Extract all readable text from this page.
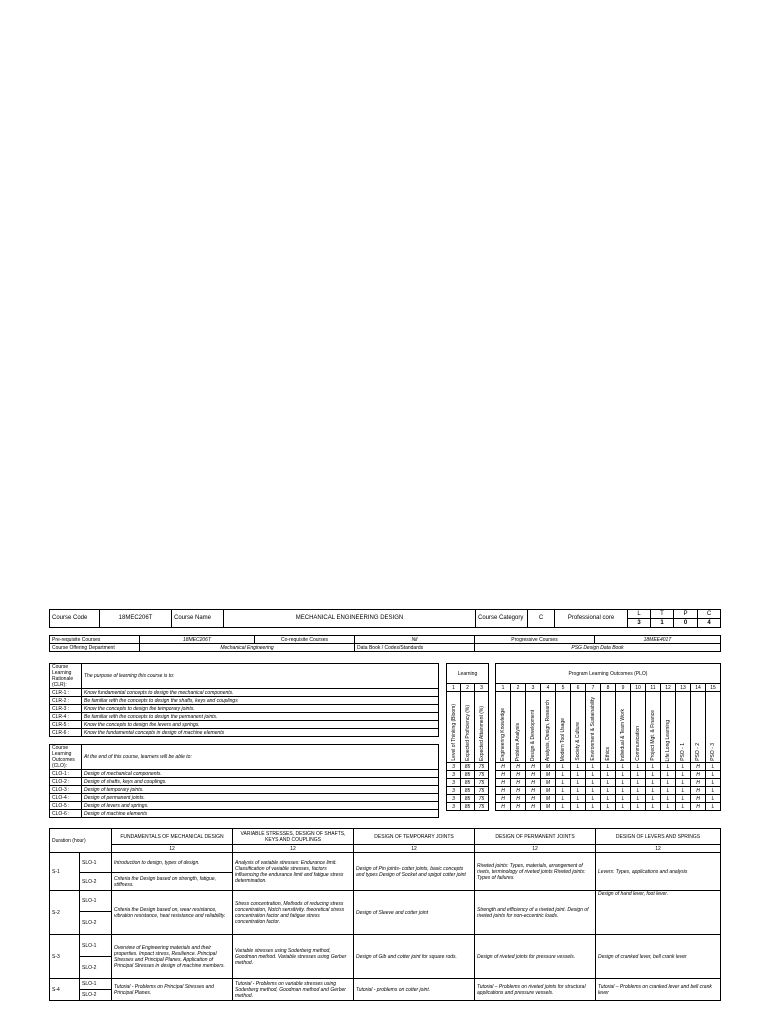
Course Code	18MEC206T	Course Name	MECHANICAL ENGINEERING DESIGN	Course Category	C	Professional core	L	T	P	C
							3	1	0	4
Pre-requisite Courses	18MEC206T	Co-requisite Courses	Nil	Progressive Courses	18MEE401T
Course Offering Department	Mechanical Engineering		Data Book / Codes/Standards	PSG Design Data Book	
Course Learning Rationale (CLR):	The purpose of learning this course is to:
CLR-1 :	Know fundamental concepts to design the mechanical components.
CLR-2 :	Be familiar with the concepts to design the shafts, keys and couplings
CLR-3 :	Know the concepts to design the temporary joints.
CLR-4 :	Be familiar with the concepts to design the permanent joints.
CLR-5 :	Know the concepts to design the levers and springs.
CLR-6 :	Know the fundamental concepts in design of machine elements

Course Learning Outcomes (CLO):	At the end of this course, learners will be able to:
CLO-1 :	Design of mechanical components.
CLO-2 :	Design of shafts, keys and couplings.
CLO-3 :	Design of temporary joints.
CLO-4 :	Design of permanent joints.
CLO-5 :	Design of levers and springs.
CLO-6 :	Design of machine elements
Learning		
1	2	3

Level of Thinking (Bloom)	Expected Proficiency (%)	Expected Attainment (%)

3	85	75
3	85	75
3	85	75
3	85	75
3	85	75
3	85	75
Program Learning Outcomes (PLO)														
1	2	3	4	5	6	7	8	9	10	11	12	13	14	15

Engineering Knowledge	Problem Analysis	Design & Development	Analysis, Design, Research	Modern Tool Usage	Society & Culture	Environment & Sustainability	Ethics	Individual & Team Work	Communication	Project Mgt. & Finance	Life Long Learning	PSO - 1	PSO - 2	PSO - 3

H	H	H	M	L	L	L	L	L	L	L	L	L	H	L
H	H	H	M	L	L	L	L	L	L	L	L	L	H	L
H	H	H	M	L	L	L	L	L	L	L	L	L	H	L
H	H	H	M	L	L	L	L	L	L	L	L	L	H	L
H	H	H	M	L	L	L	L	L	L	L	L	L	H	L
H	H	H	M	L	L	L	L	L	L	L	L	L	H	L
Duration (hour)		FUNDAMENTALS OF MECHANICAL DESIGN	VARIABLE STRESSES, DESIGN OF SHAFTS, KEYS AND COUPLINGS	DESIGN OF TEMPORARY JOINTS	DESIGN OF PERMANENT JOINTS	DESIGN OF LEVERS AND SPRINGS
		12	12	12	12	12
S-1	SLO-1	Introduction to design, types of design.	Analysis of variable stresses: Endurance limit. Classification of variable stresses, factors influencing the endurance limit and fatigue stress determination.	Design of Pin joints- cotter joints, basic concepts and types Design of Socket and spigot cotter joint	Riveted joints: Types, materials, arrangement of rivets, terminology of riveted joints Riveted joints: Types of failures.	Levers: Types, applications and analysis
	SLO-2	Criteria the Design based on strength, fatigue, stiffness.				
S-2	SLO-1	Criteria the Design based on, wear resistance, vibration resistance, heat resistance and reliability.	Stress concentration, Methods of reducing stress concentration, Notch sensitivity. theoretical stress concentration factor and fatigue stress concentration factor.	Design of Sleeve and cotter joint	Strength and efficiency of a riveted joint. Design of riveted joints for non-eccentric loads.	Design of hand lever, foot lever.
	SLO-2					
S-3	SLO-1	Overview of Engineering materials and their properties. Impact stress, Resilience. Principal Stresses and Principal Planes, Application of Principal Stresses in design of machine members.	Variable stresses using Soderberg method, Goodman method. Variable stresses using Gerber method.	Design of Gib and cotter joint for square rods.	Design of riveted joints for pressure vessels.	Design of cranked lever, bell crank lever
	SLO-2					
S-4	SLO-1	Tutorial - Problems on Principal Stresses and Principal Planes.	Tutorial - Problems on variable stresses using Soderberg method, Goodman method and Gerber method.	Tutorial - problems on cotter joint.	Tutorial – Problems on riveted joints for structural applications and pressure vessels.	Tutorial – Problems on cranked lever and bell crank lever
	SLO-2					
